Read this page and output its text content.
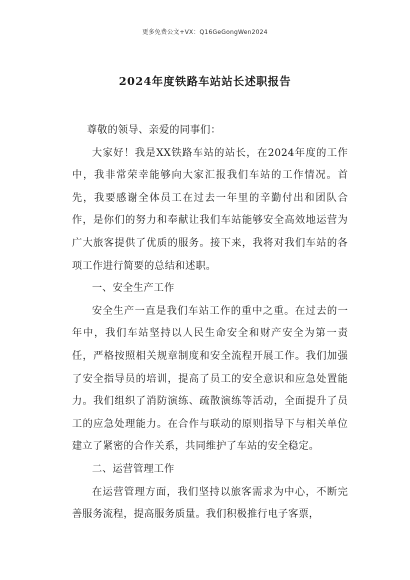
更多免费公文+VX：Q16GeGongWen2024
2024年度铁路车站站长述职报告

尊敬的领导、亲爱的同事们：

大家好！我是XX铁路车站的站长，在2024年度的工作中，我非常荣幸能够向大家汇报我们车站的工作情况。首先，我要感谢全体员工在过去一年里的辛勤付出和团队合作，是你们的努力和奉献让我们车站能够安全高效地运营为广大旅客提供了优质的服务。接下来，我将对我们车站的各项工作进行简要的总结和述职。

一、安全生产工作

安全生产一直是我们车站工作的重中之重。在过去的一年中，我们车站坚持以人民生命安全和财产安全为第一责任，严格按照相关规章制度和安全流程开展工作。我们加强了安全指导员的培训，提高了员工的安全意识和应急处置能力。我们组织了消防演练、疏散演练等活动，全面提升了员工的应急处理能力。在合作与联动的原则指导下与相关单位建立了紧密的合作关系，共同维护了车站的安全稳定。

二、运营管理工作

在运营管理方面，我们坚持以旅客需求为中心，不断完善服务流程，提高服务质量。我们积极推行电子客票，
